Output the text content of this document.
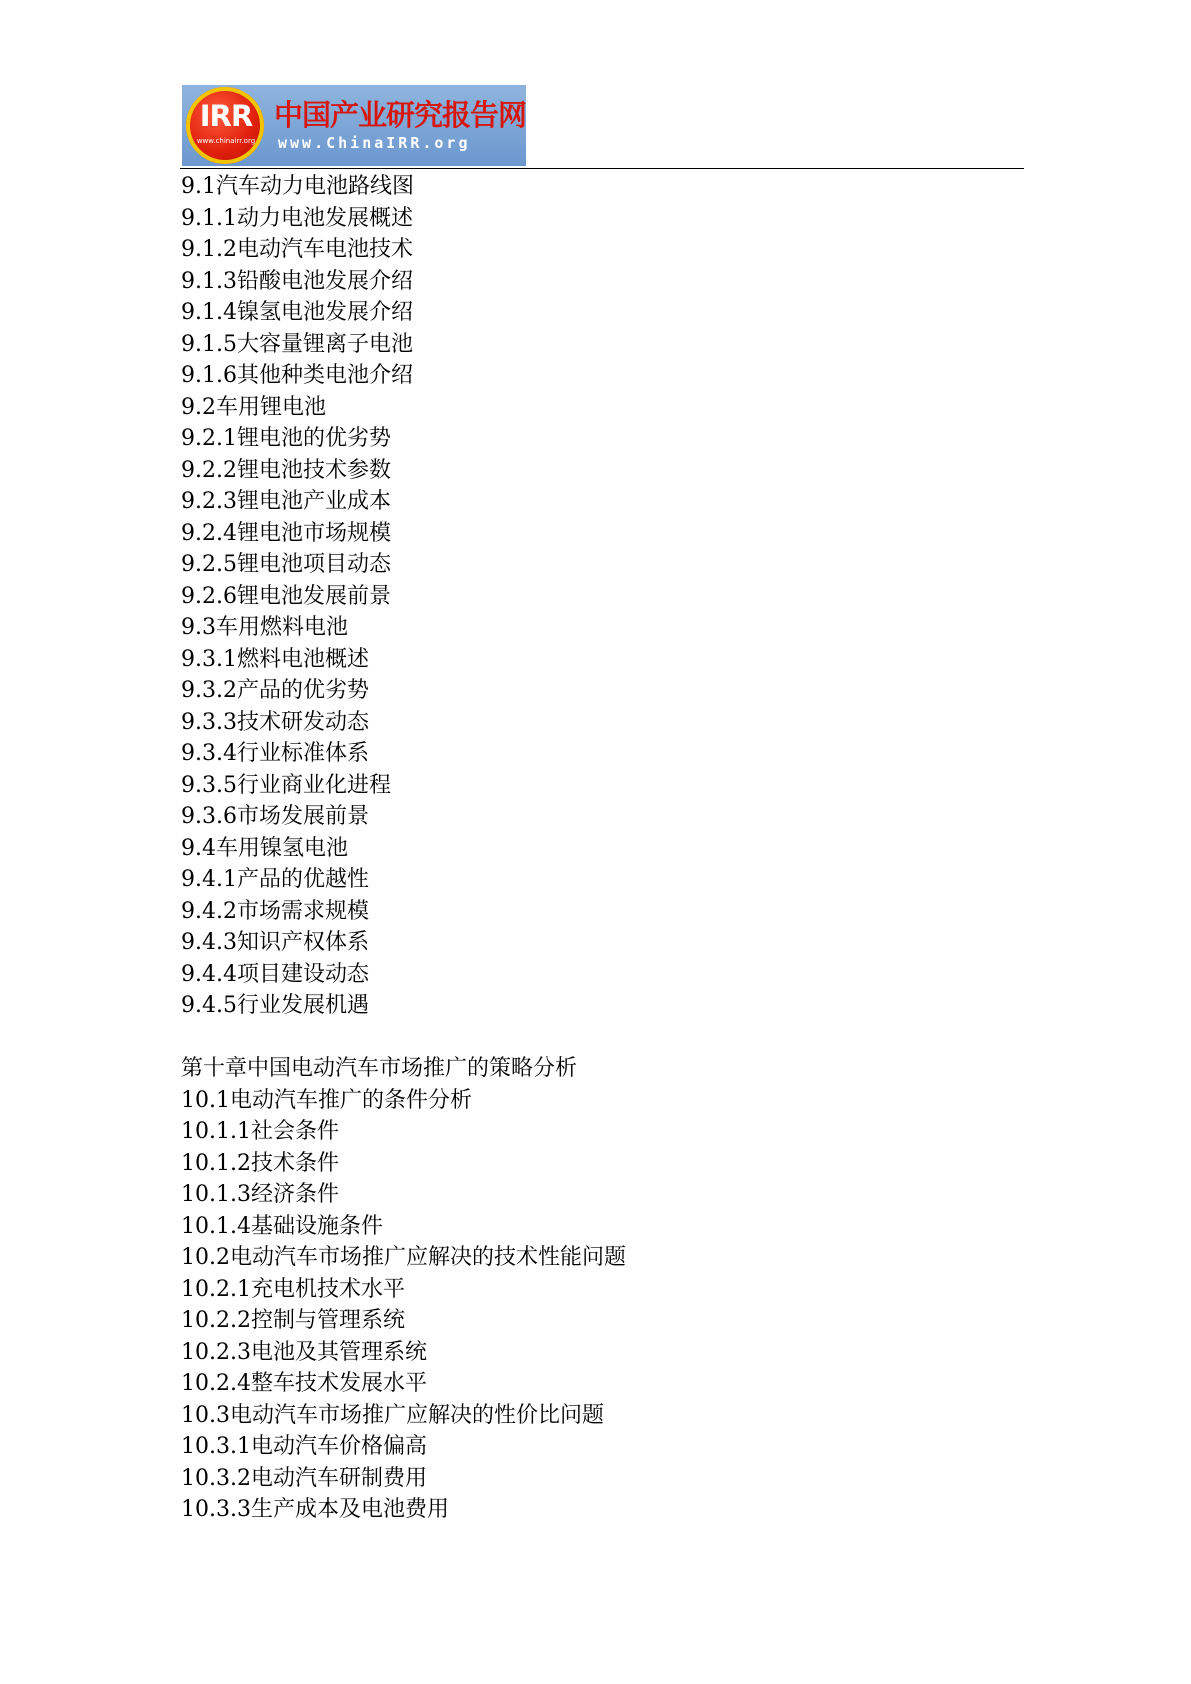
IRR
www.chinairr.org
中国产业研究报告网
www.ChinaIRR.org
9.1汽车动力电池路线图
9.1.1动力电池发展概述
9.1.2电动汽车电池技术
9.1.3铅酸电池发展介绍
9.1.4镍氢电池发展介绍
9.1.5大容量锂离子电池
9.1.6其他种类电池介绍
9.2车用锂电池
9.2.1锂电池的优劣势
9.2.2锂电池技术参数
9.2.3锂电池产业成本
9.2.4锂电池市场规模
9.2.5锂电池项目动态
9.2.6锂电池发展前景
9.3车用燃料电池
9.3.1燃料电池概述
9.3.2产品的优劣势
9.3.3技术研发动态
9.3.4行业标准体系
9.3.5行业商业化进程
9.3.6市场发展前景
9.4车用镍氢电池
9.4.1产品的优越性
9.4.2市场需求规模
9.4.3知识产权体系
9.4.4项目建设动态
9.4.5行业发展机遇
第十章中国电动汽车市场推广的策略分析
10.1电动汽车推广的条件分析
10.1.1社会条件
10.1.2技术条件
10.1.3经济条件
10.1.4基础设施条件
10.2电动汽车市场推广应解决的技术性能问题
10.2.1充电机技术水平
10.2.2控制与管理系统
10.2.3电池及其管理系统
10.2.4整车技术发展水平
10.3电动汽车市场推广应解决的性价比问题
10.3.1电动汽车价格偏高
10.3.2电动汽车研制费用
10.3.3生产成本及电池费用
